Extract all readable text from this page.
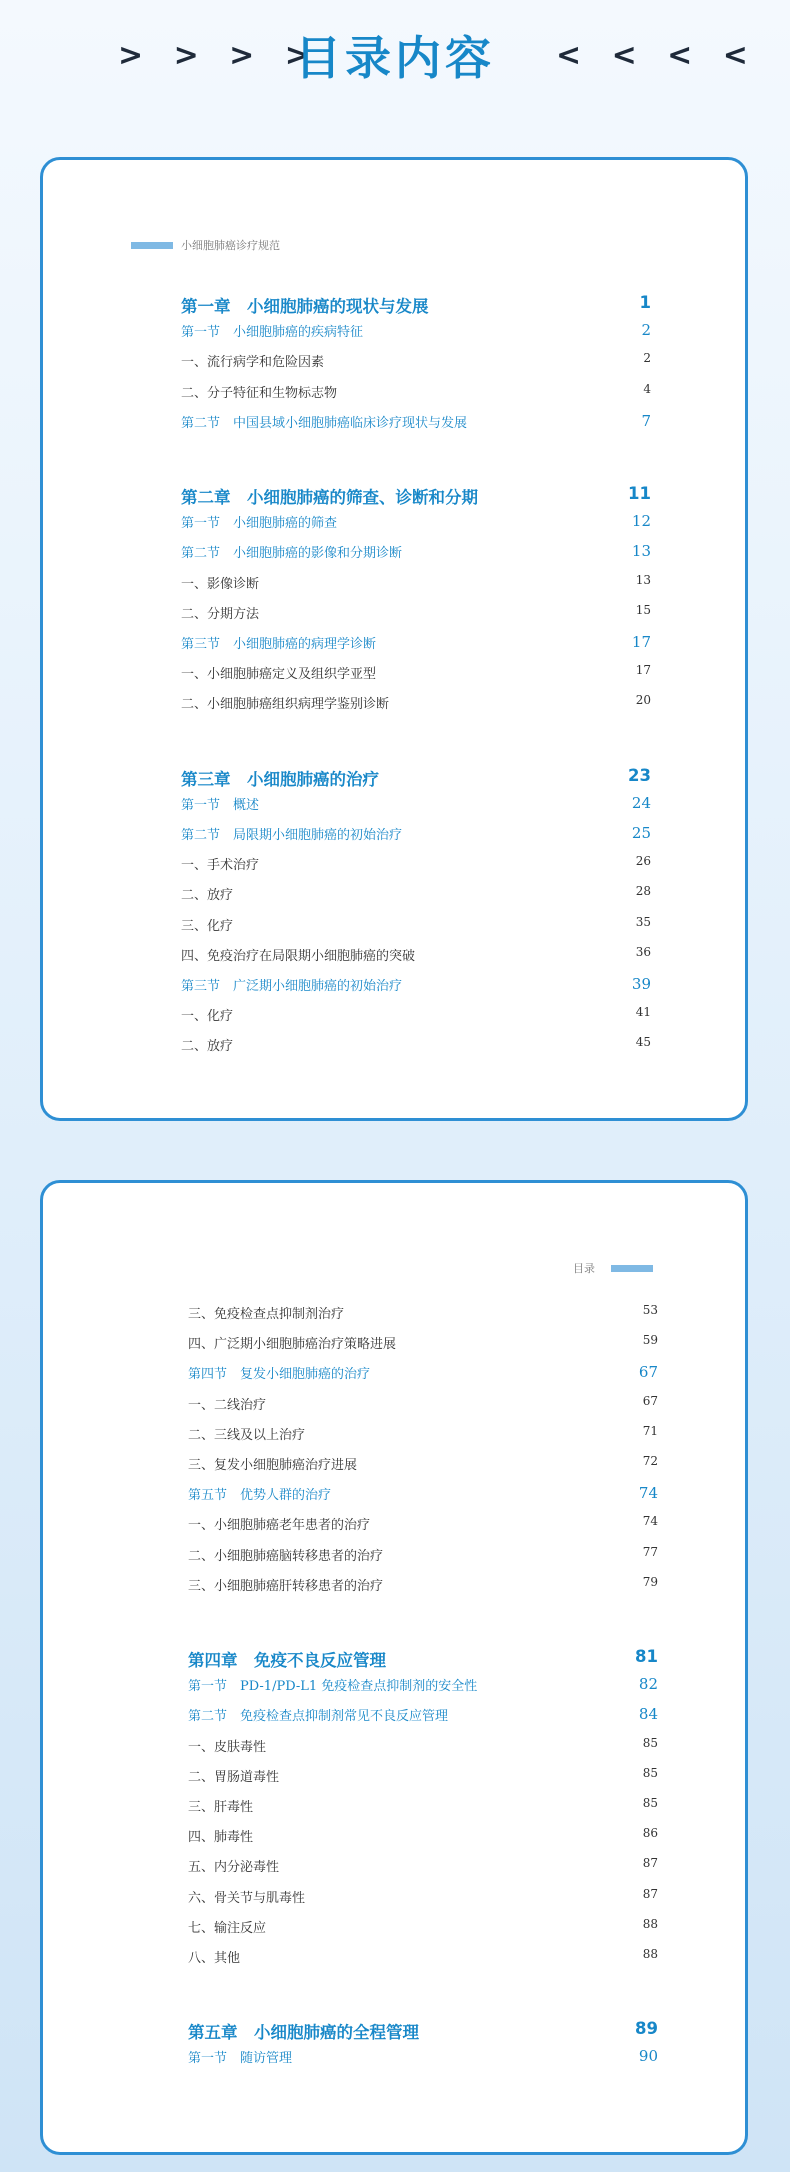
> > > >
目录内容	< < < <
小细胞肺癌诊疗规范
第一章　小细胞肺癌的现状与发展	1
第一节　小细胞肺癌的疾病特征	2
一、流行病学和危险因素	2
二、分子特征和生物标志物	4
第二节　中国县域小细胞肺癌临床诊疗现状与发展	7
第二章　小细胞肺癌的筛查、诊断和分期	11
第一节　小细胞肺癌的筛查	12
第二节　小细胞肺癌的影像和分期诊断	13
一、影像诊断	13
二、分期方法	15
第三节　小细胞肺癌的病理学诊断	17
一、小细胞肺癌定义及组织学亚型	17
二、小细胞肺癌组织病理学鉴别诊断	20
第三章　小细胞肺癌的治疗	23
第一节　概述	24
第二节　局限期小细胞肺癌的初始治疗	25
一、手术治疗	26
二、放疗	28
三、化疗	35
四、免疫治疗在局限期小细胞肺癌的突破	36
第三节　广泛期小细胞肺癌的初始治疗	39
一、化疗	41
二、放疗	45
目录
三、免疫检查点抑制剂治疗	53
四、广泛期小细胞肺癌治疗策略进展	59
第四节　复发小细胞肺癌的治疗	67
一、二线治疗	67
二、三线及以上治疗	71
三、复发小细胞肺癌治疗进展	72
第五节　优势人群的治疗	74
一、小细胞肺癌老年患者的治疗	74
二、小细胞肺癌脑转移患者的治疗	77
三、小细胞肺癌肝转移患者的治疗	79
第四章　免疫不良反应管理	81
第一节　PD-1/PD-L1 免疫检查点抑制剂的安全性	82
第二节　免疫检查点抑制剂常见不良反应管理	84
一、皮肤毒性	85
二、胃肠道毒性	85
三、肝毒性	85
四、肺毒性	86
五、内分泌毒性	87
六、骨关节与肌毒性	87
七、输注反应	88
八、其他	88
第五章　小细胞肺癌的全程管理	89
第一节　随访管理	90
